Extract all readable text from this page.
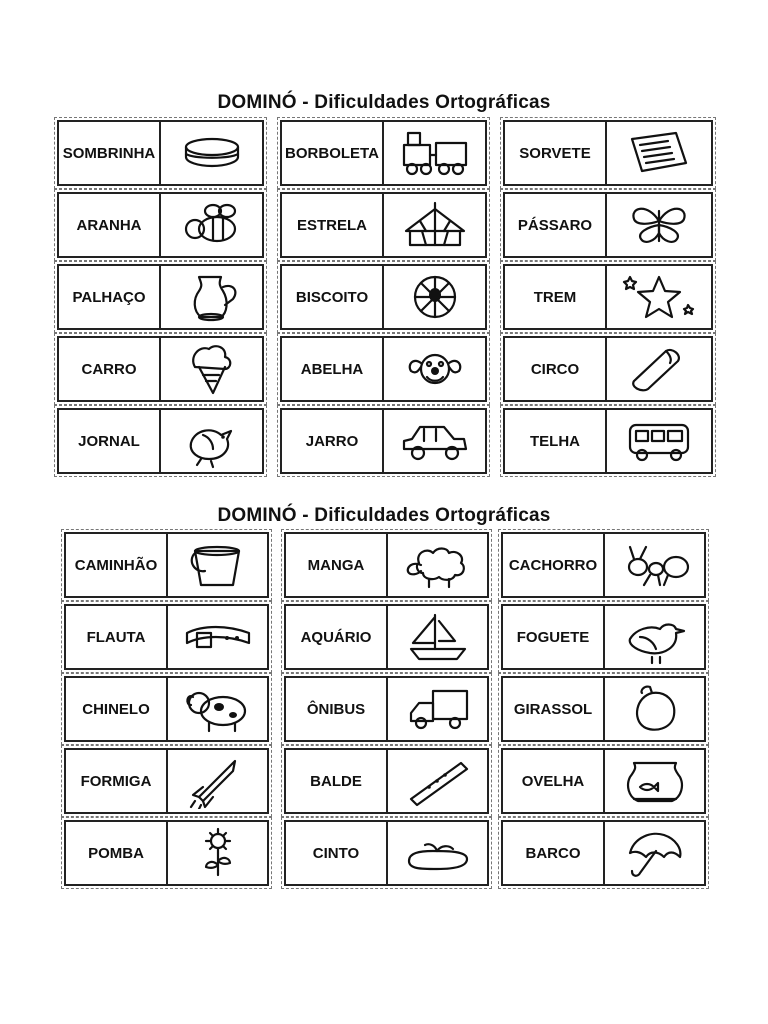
DOMINÓ - Dificuldades Ortográficas
SOMBRINHA	BORBOLETA	SORVETE
ARANHA	ESTRELA	PÁSSARO
PALHAÇO	BISCOITO	TREM
CARRO	ABELHA	CIRCO
JORNAL	JARRO	TELHA
DOMINÓ - Dificuldades Ortográficas
CAMINHÃO	MANGA	CACHORRO
FLAUTA	AQUÁRIO	FOGUETE
CHINELO	ÔNIBUS	GIRASSOL
FORMIGA	BALDE	OVELHA
POMBA	CINTO	BARCO
